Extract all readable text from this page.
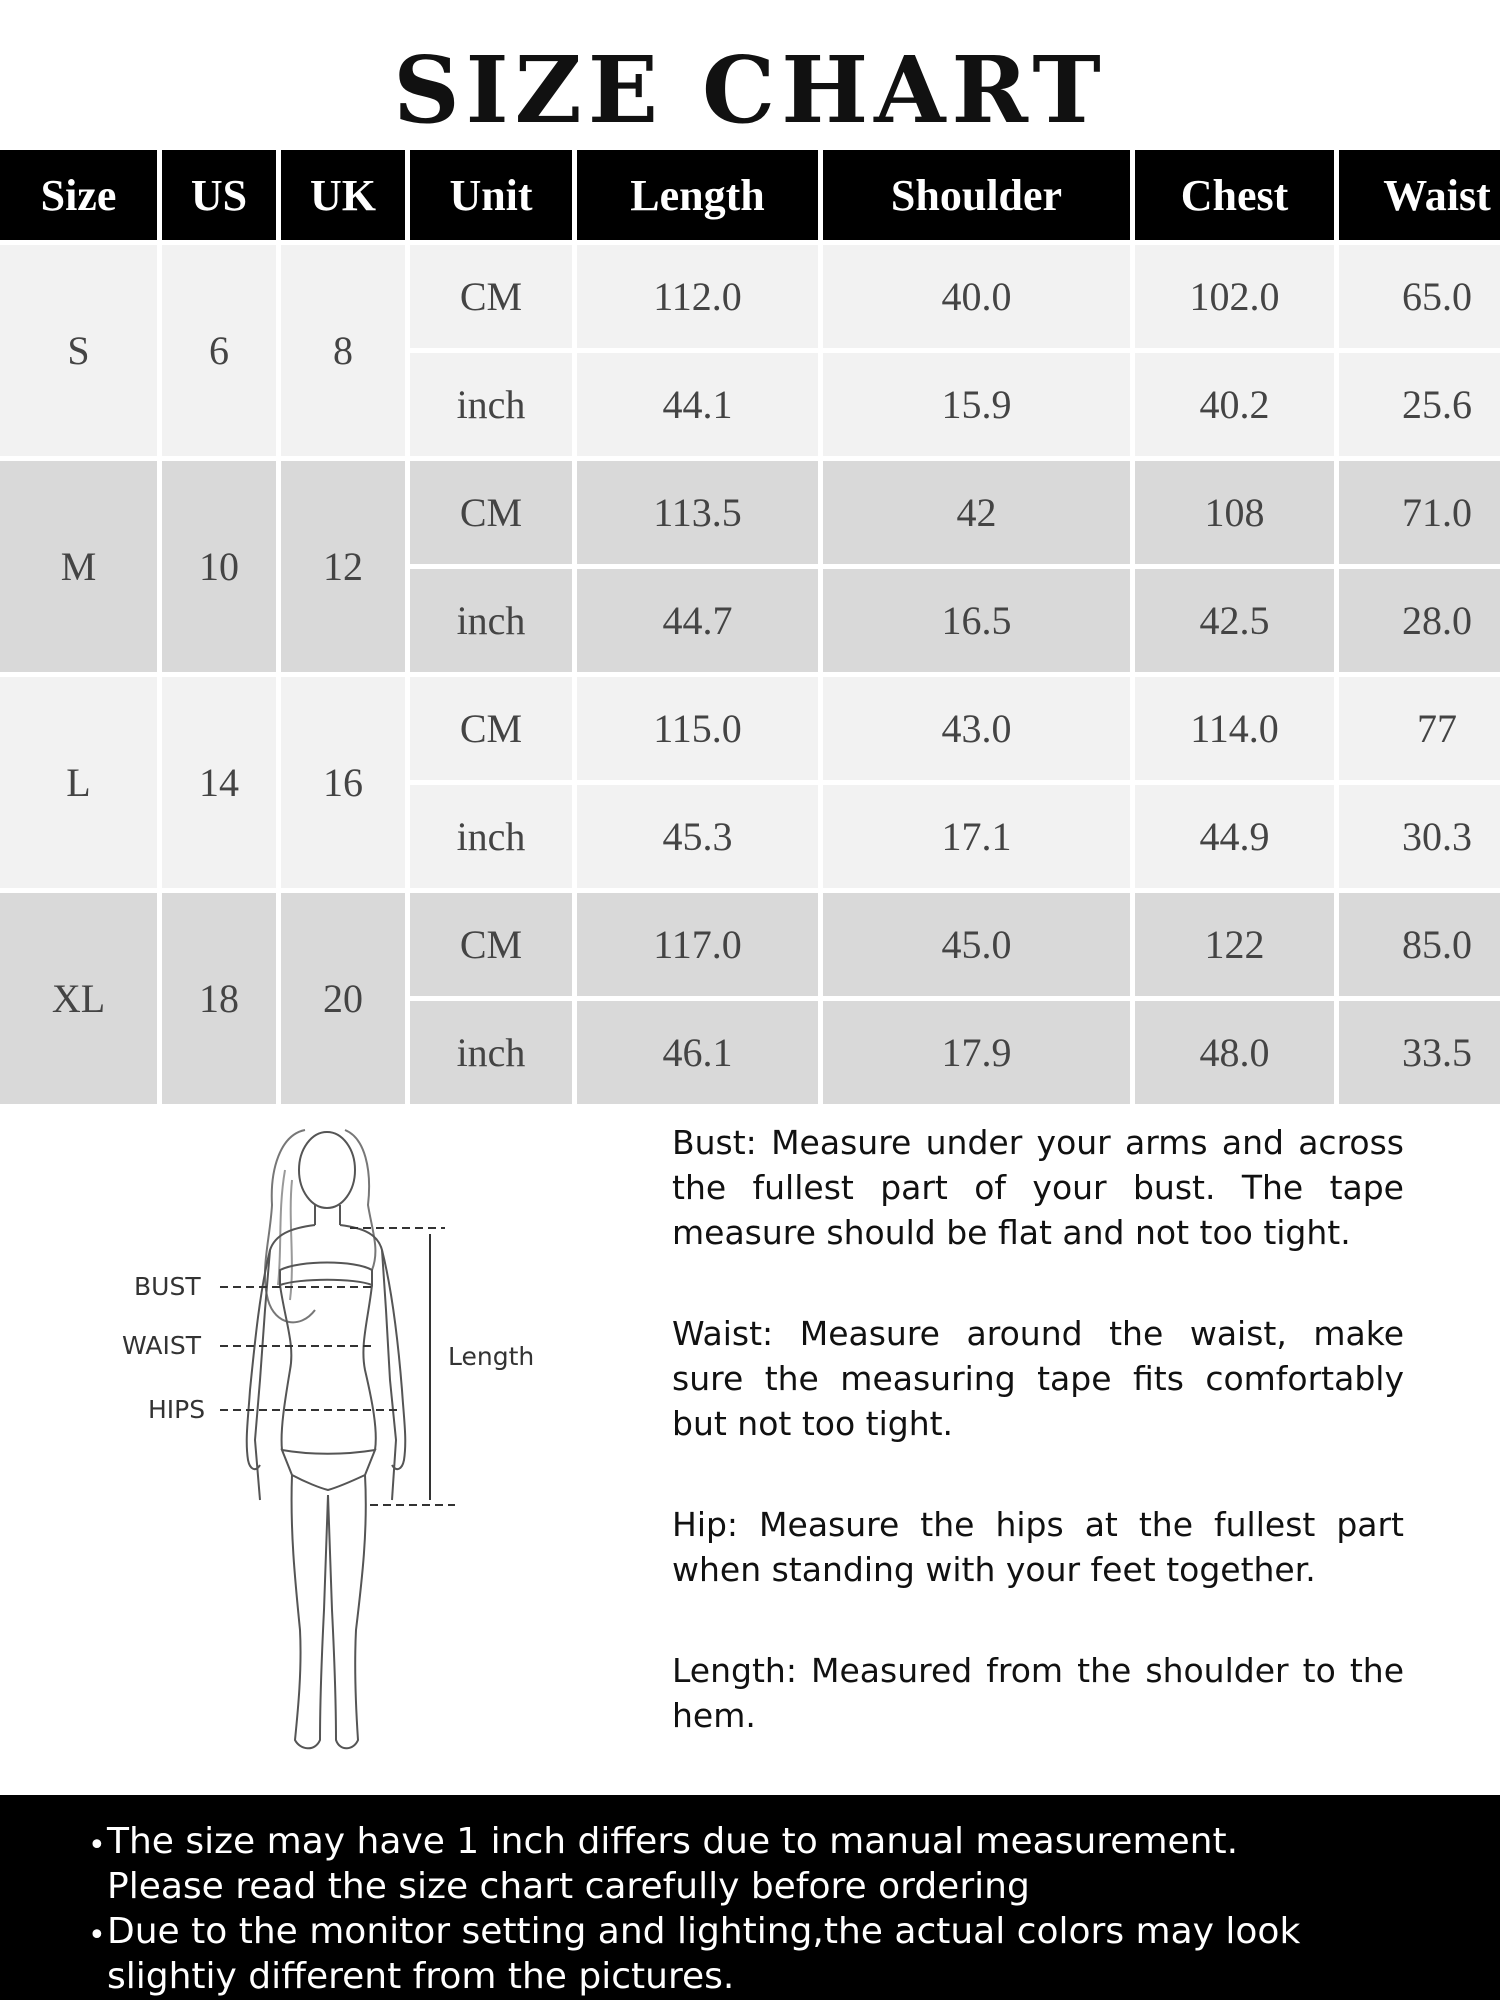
SIZE CHART
Size	US	UK	Unit	Length	Shoulder	Chest	Waist
S	6	8	CM	112.0	40.0	102.0	65.0
			inch	44.1	15.9	40.2	25.6
M	10	12	CM	113.5	42	108	71.0
			inch	44.7	16.5	42.5	28.0
L	14	16	CM	115.0	43.0	114.0	77
			inch	45.3	17.1	44.9	30.3
XL	18	20	CM	117.0	45.0	122	85.0
			inch	46.1	17.9	48.0	33.5
BUST
WAIST
HIPS
Length

Bust: Measure under your arms and across the fullest part of your bust. The tape measure should be flat and not too tight.

Waist: Measure around the waist, make sure the measuring tape fits comfortably but not too tight.

Hip: Measure the hips at the fullest part when standing with your feet together.

Length: Measured from the shoulder to the hem.

• The size may have 1 inch differs due to manual measurement.
Please read the size chart carefully before ordering
• Due to the monitor setting and lighting,the actual colors may look
slightiy different from the pictures.
